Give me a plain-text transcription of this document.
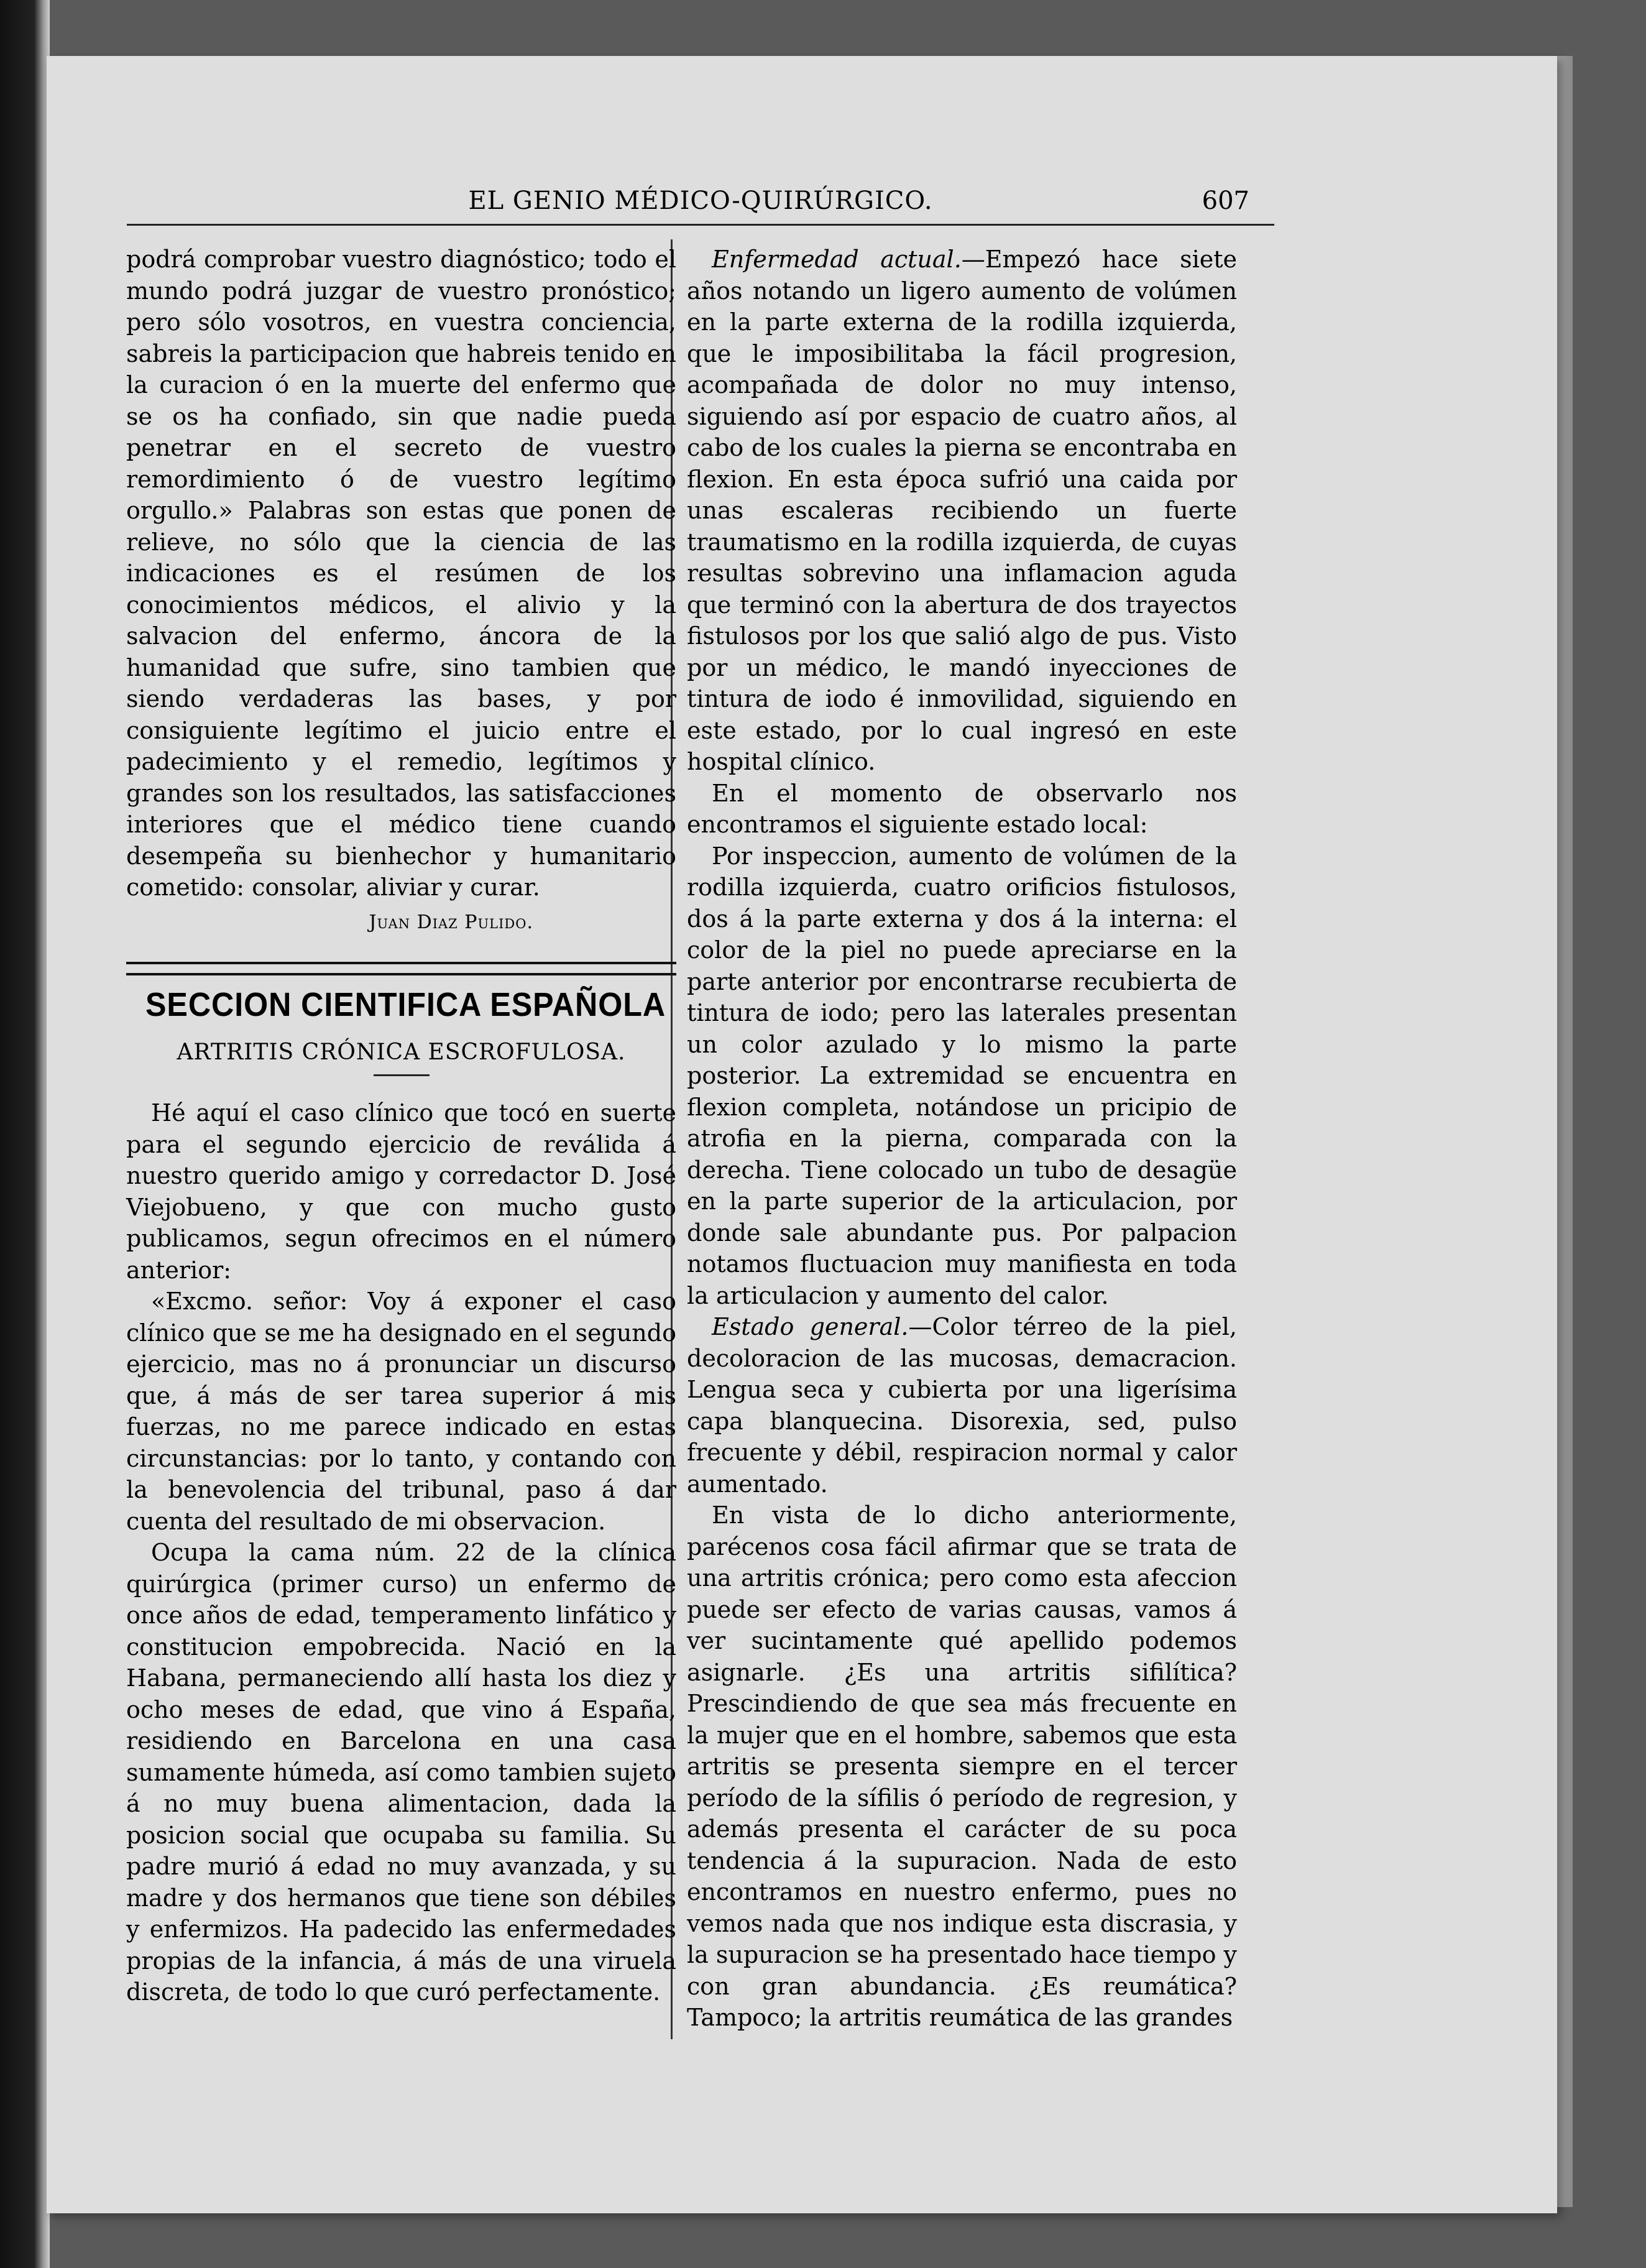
EL GENIO MÉDICO-QUIRÚRGICO.	607

podrá comprobar vuestro diagnóstico; todo el mundo podrá juzgar de vuestro pronóstico; pero sólo vosotros, en vuestra conciencia, sabreis la participacion que habreis tenido en la curacion ó en la muerte del enfermo que se os ha confiado, sin que nadie pueda penetrar en el secreto de vuestro remordimiento ó de vuestro legítimo orgullo.» Palabras son estas que ponen de relieve, no sólo que la ciencia de las indicaciones es el resúmen de los conocimientos médicos, el alivio y la salvacion del enfermo, áncora de la humanidad que sufre, sino tambien que siendo verdaderas las bases, y por consiguiente legítimo el juicio entre el padecimiento y el remedio, legítimos y grandes son los resultados, las satisfacciones interiores que el médico tiene cuando desempeña su bienhechor y humanitario cometido: consolar, aliviar y curar.

Juan Diaz Pulido.

SECCION CIENTIFICA ESPAÑOLA

ARTRITIS CRÓNICA ESCROFULOSA.

Hé aquí el caso clínico que tocó en suerte para el segundo ejercicio de reválida á nuestro querido amigo y corredactor D. José Viejobueno, y que con mucho gusto publicamos, segun ofrecimos en el número anterior:

«Excmo. señor: Voy á exponer el caso clínico que se me ha designado en el segundo ejercicio, mas no á pronunciar un discurso que, á más de ser tarea superior á mis fuerzas, no me parece indicado en estas circunstancias: por lo tanto, y contando con la benevolencia del tribunal, paso á dar cuenta del resultado de mi observacion.

Ocupa la cama núm. 22 de la clínica quirúrgica (primer curso) un enfermo de once años de edad, temperamento linfático y constitucion empobrecida. Nació en la Habana, permaneciendo allí hasta los diez y ocho meses de edad, que vino á España, residiendo en Barcelona en una casa sumamente húmeda, así como tambien sujeto á no muy buena alimentacion, dada la posicion social que ocupaba su familia. Su padre murió á edad no muy avanzada, y su madre y dos hermanos que tiene son débiles y enfermizos. Ha padecido las enfermedades propias de la infancia, á más de una viruela discreta, de todo lo que curó perfectamente.

Enfermedad actual.—Empezó hace siete años notando un ligero aumento de volúmen en la parte externa de la rodilla izquierda, que le imposibilitaba la fácil progresion, acompañada de dolor no muy intenso, siguiendo así por espacio de cuatro años, al cabo de los cuales la pierna se encontraba en flexion. En esta época sufrió una caida por unas escaleras recibiendo un fuerte traumatismo en la rodilla izquierda, de cuyas resultas sobrevino una inflamacion aguda que terminó con la abertura de dos trayectos fistulosos por los que salió algo de pus. Visto por un médico, le mandó inyecciones de tintura de iodo é inmovilidad, siguiendo en este estado, por lo cual ingresó en este hospital clínico.

En el momento de observarlo nos encontramos el siguiente estado local:

Por inspeccion, aumento de volúmen de la rodilla izquierda, cuatro orificios fistulosos, dos á la parte externa y dos á la interna: el color de la piel no puede apreciarse en la parte anterior por encontrarse recubierta de tintura de iodo; pero las laterales presentan un color azulado y lo mismo la parte posterior. La extremidad se encuentra en flexion completa, notándose un pricipio de atrofia en la pierna, comparada con la derecha. Tiene colocado un tubo de desagüe en la parte superior de la articulacion, por donde sale abundante pus. Por palpacion notamos fluctuacion muy manifiesta en toda la articulacion y aumento del calor.

Estado general.—Color térreo de la piel, decoloracion de las mucosas, demacracion. Lengua seca y cubierta por una ligerísima capa blanquecina. Disorexia, sed, pulso frecuente y débil, respiracion normal y calor aumentado.

En vista de lo dicho anteriormente, parécenos cosa fácil afirmar que se trata de una artritis crónica; pero como esta afeccion puede ser efecto de varias causas, vamos á ver sucintamente qué apellido podemos asignarle. ¿Es una artritis sifilítica? Prescindiendo de que sea más frecuente en la mujer que en el hombre, sabemos que esta artritis se presenta siempre en el tercer período de la sífilis ó período de regresion, y además presenta el carácter de su poca tendencia á la supuracion. Nada de esto encontramos en nuestro enfermo, pues no vemos nada que nos indique esta discrasia, y la supuracion se ha presentado hace tiempo y con gran abundancia. ¿Es reumática? Tampoco; la artritis reumática de las grandes
